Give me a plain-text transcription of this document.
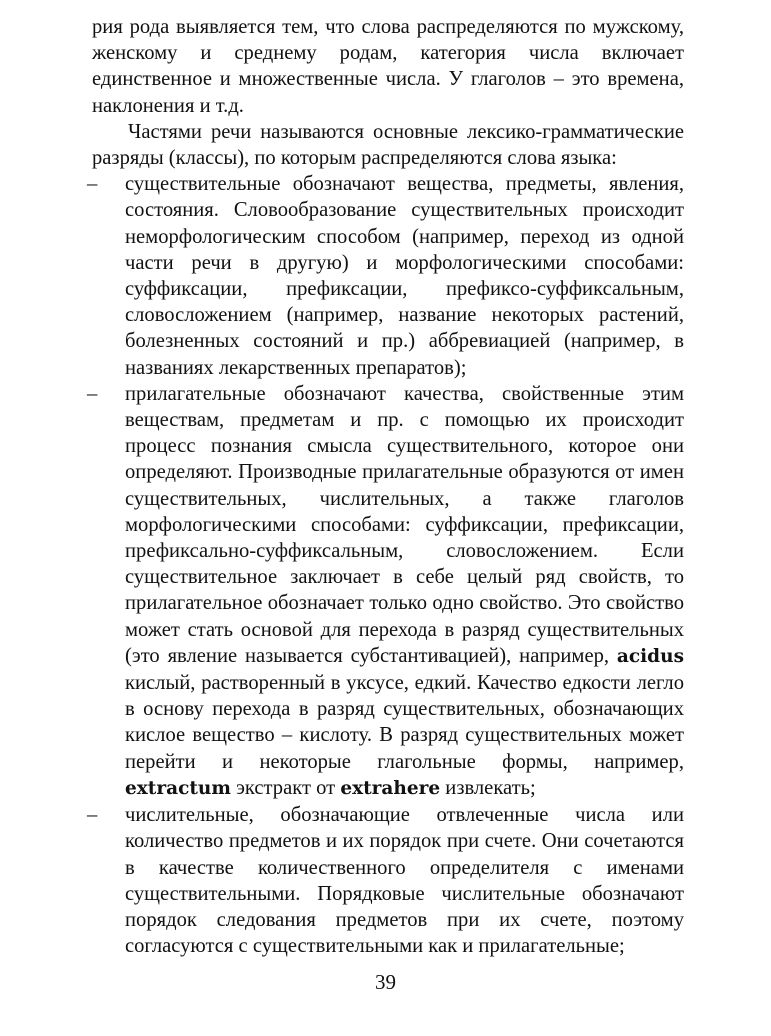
рия рода выявляется тем, что слова распределяются по мужскому, женскому и среднему родам, категория числа включает единственное и множественные числа. У глаголов – это времена, наклонения и т.д.

Частями речи называются основные лексико-грамматические разряды (классы), по которым распределяются слова языка:

– существительные обозначают вещества, предметы, явления, состояния. Словообразование существительных происходит неморфологическим способом (например, переход из одной части речи в другую) и морфологическими способами: суффиксации, префиксации, префиксо-суффиксальным, словосложением (например, название некоторых растений, болезненных состояний и пр.) аббревиацией (например, в названиях лекарственных препаратов);
– прилагательные обозначают качества, свойственные этим веществам, предметам и пр. с помощью их происходит процесс познания смысла существительного, которое они определяют. Производные прилагательные образуются от имен существительных, числительных, а также глаголов морфологическими способами: суффиксации, префиксации, префиксально-суффиксальным, словосложением. Если существительное заключает в себе целый ряд свойств, то прилагательное обозначает только одно свойство. Это свойство может стать основой для перехода в разряд существительных (это явление называется субстантивацией), например, acidus кислый, растворенный в уксусе, едкий. Качество едкости легло в основу перехода в разряд существительных, обозначающих кислое вещество – кислоту. В разряд существительных может перейти и некоторые глагольные формы, например, extractum экстракт от extrahere извлекать;
– числительные, обозначающие отвлеченные числа или количество предметов и их порядок при счете. Они сочетаются в качестве количественного определителя с именами существительными. Порядковые числительные обозначают порядок следования предметов при их счете, поэтому согласуются с существительными как и прилагательные;
39
